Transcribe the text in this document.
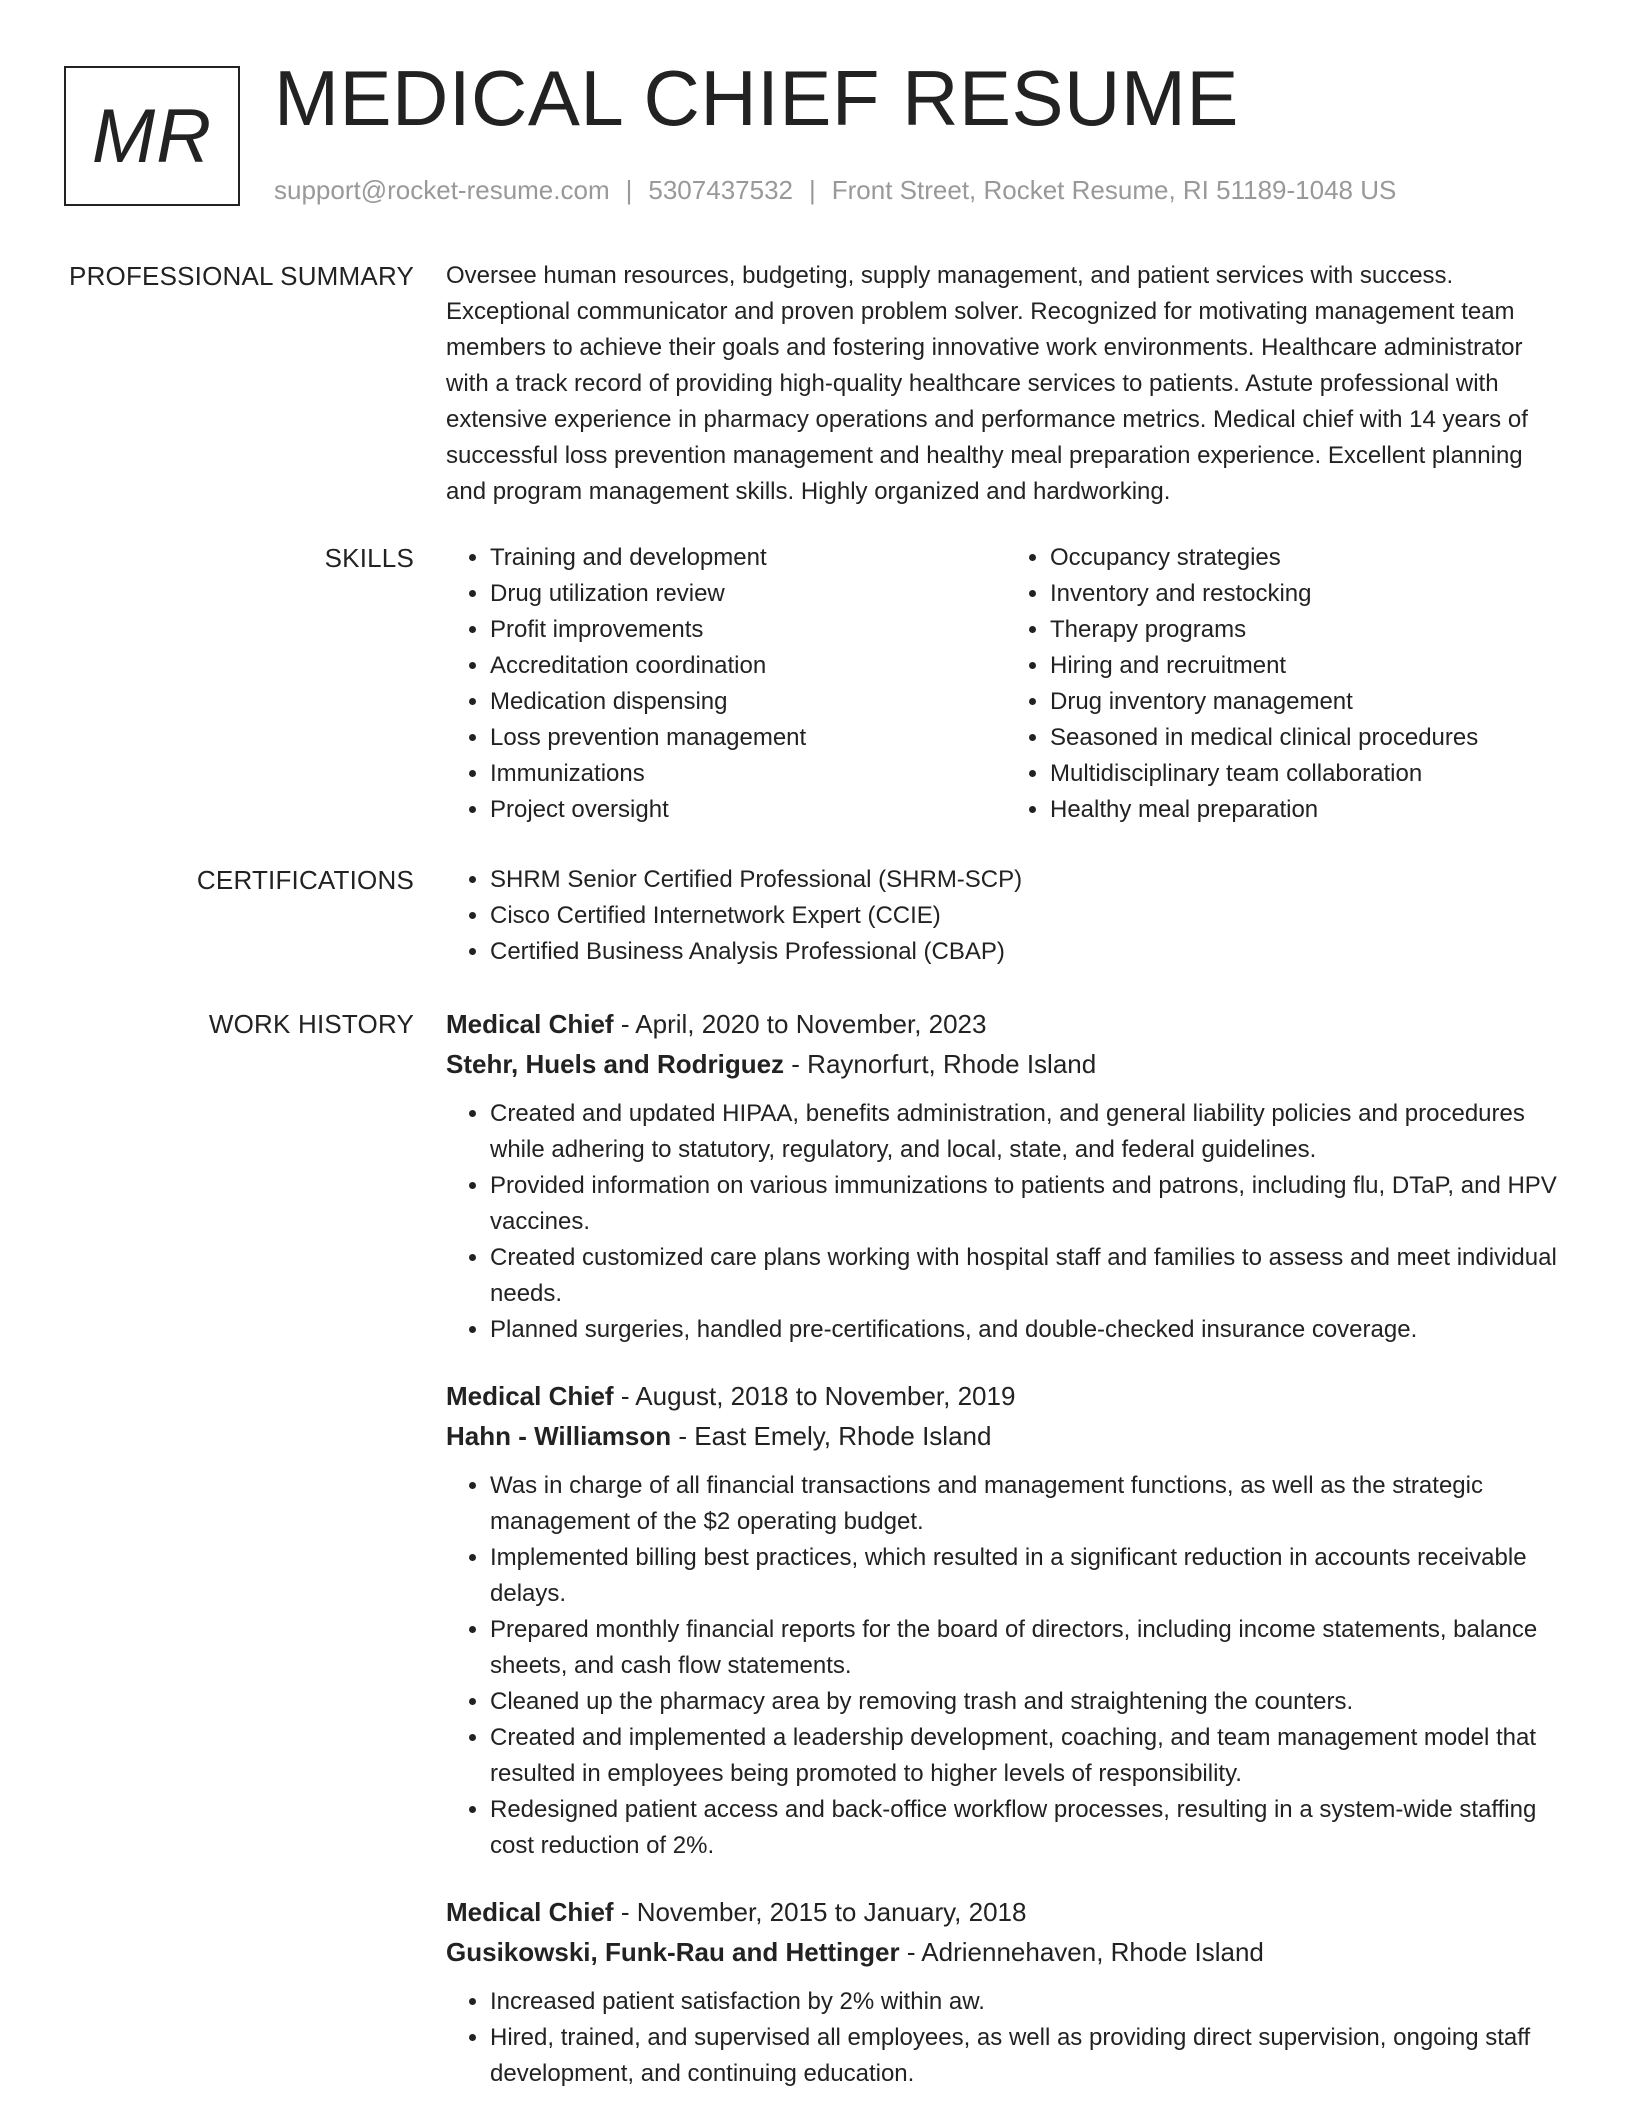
MR MEDICAL CHIEF RESUME
support@rocket-resume.com | 5307437532 | Front Street, Rocket Resume, RI 51189-1048 US
PROFESSIONAL SUMMARY Oversee human resources, budgeting, supply management, and patient services with success. Exceptional communicator and proven problem solver. Recognized for motivating management team members to achieve their goals and fostering innovative work environments. Healthcare administrator with a track record of providing high-quality healthcare services to patients. Astute professional with extensive experience in pharmacy operations and performance metrics. Medical chief with 14 years of successful loss prevention management and healthy meal preparation experience. Excellent planning and program management skills. Highly organized and hardworking.

SKILLS	• Training and development
• Drug utilization review
• Profit improvements
• Accreditation coordination
• Medication dispensing
• Loss prevention management
• Immunizations
• Project oversight
• Occupancy strategies
• Inventory and restocking
• Therapy programs
• Hiring and recruitment
• Drug inventory management
• Seasoned in medical clinical procedures
• Multidisciplinary team collaboration
• Healthy meal preparation
CERTIFICATIONS	• SHRM Senior Certified Professional (SHRM-SCP)
• Cisco Certified Internetwork Expert (CCIE)
• Certified Business Analysis Professional (CBAP)
WORK HISTORY Medical Chief - April, 2020 to November, 2023
Stehr, Huels and Rodriguez - Raynorfurt, Rhode Island
• Created and updated HIPAA, benefits administration, and general liability policies and procedures while adhering to statutory, regulatory, and local, state, and federal guidelines.
• Provided information on various immunizations to patients and patrons, including flu, DTaP, and HPV vaccines.
• Created customized care plans working with hospital staff and families to assess and meet individual needs.
• Planned surgeries, handled pre-certifications, and double-checked insurance coverage.
Medical Chief - August, 2018 to November, 2019
Hahn - Williamson - East Emely, Rhode Island
• Was in charge of all financial transactions and management functions, as well as the strategic management of the $2 operating budget.
• Implemented billing best practices, which resulted in a significant reduction in accounts receivable delays.
• Prepared monthly financial reports for the board of directors, including income statements, balance sheets, and cash flow statements.
• Cleaned up the pharmacy area by removing trash and straightening the counters.
• Created and implemented a leadership development, coaching, and team management model that resulted in employees being promoted to higher levels of responsibility.
• Redesigned patient access and back-office workflow processes, resulting in a system-wide staffing cost reduction of 2%.
Medical Chief - November, 2015 to January, 2018
Gusikowski, Funk-Rau and Hettinger - Adriennehaven, Rhode Island
• Increased patient satisfaction by 2% within aw.
• Hired, trained, and supervised all employees, as well as providing direct supervision, ongoing staff development, and continuing education.
